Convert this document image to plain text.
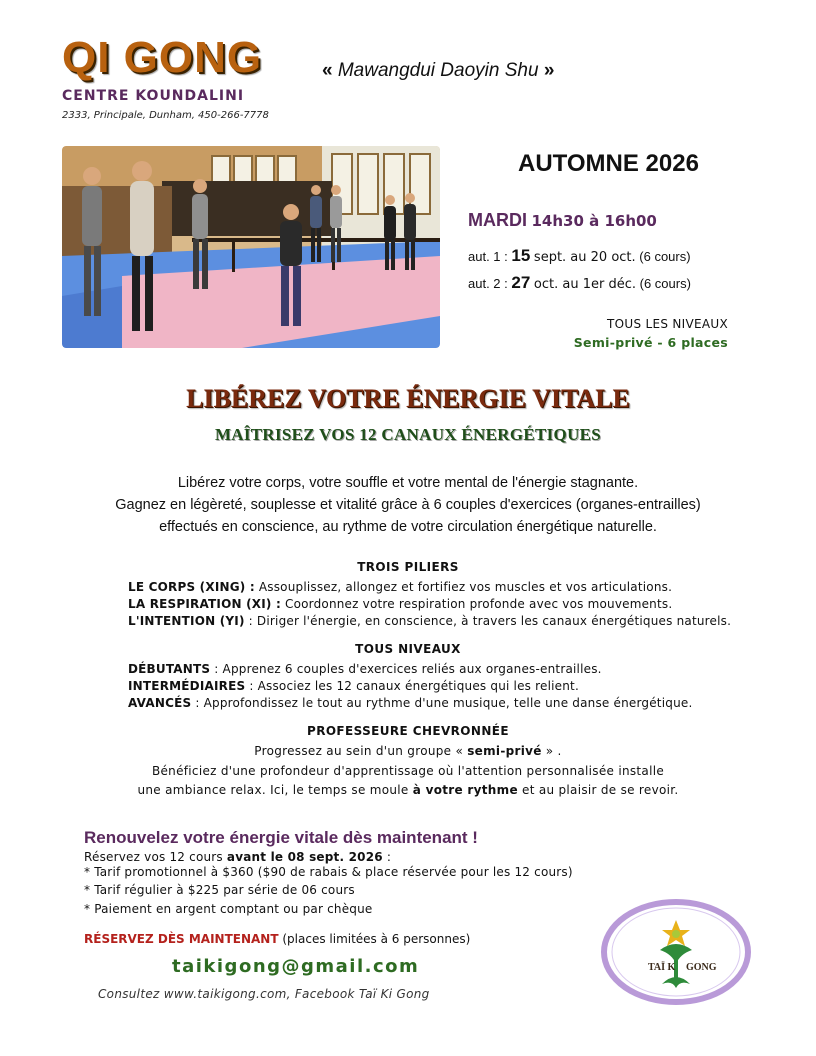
QI GONG
CENTRE KOUNDALINI
2333, Principale, Dunham, 450-266-7778
« Mawangdui Daoyin Shu »
AUTOMNE 2026
MARDI 14h30 à 16h00
aut. 1 : 15 sept. au 20 oct. (6 cours)
aut. 2 : 27 oct. au 1er déc. (6 cours)
TOUS LES NIVEAUX
Semi-privé - 6 places
LIBÉREZ VOTRE ÉNERGIE VITALE
MAÎTRISEZ VOS 12 CANAUX ÉNERGÉTIQUES
Libérez votre corps, votre souffle et votre mental de l'énergie stagnante.
Gagnez en légèreté, souplesse et vitalité grâce à 6 couples d'exercices (organes-entrailles)
effectués en conscience, au rythme de votre circulation énergétique naturelle.
TROIS PILIERS
LE CORPS (XING) : Assouplissez, allongez et fortifiez vos muscles et vos articulations.
LA RESPIRATION (XI) : Coordonnez votre respiration profonde avec vos mouvements.
L'INTENTION (YI) : Diriger l'énergie, en conscience, à travers les canaux énergétiques naturels.
TOUS NIVEAUX
DÉBUTANTS : Apprenez 6 couples d'exercices reliés aux organes-entrailles.
INTERMÉDIAIRES : Associez les 12 canaux énergétiques qui les relient.
AVANCÉS : Approfondissez le tout au rythme d'une musique, telle une danse énergétique.
PROFESSEURE CHEVRONNÉE
Progressez au sein d'un groupe « semi-privé » .
Bénéficiez d'une profondeur d'apprentissage où l'attention personnalisée installe
une ambiance relax. Ici, le temps se moule à votre rythme et au plaisir de se revoir.
Renouvelez votre énergie vitale dès maintenant !
Réservez vos 12 cours avant le 08 sept. 2026 :
* Tarif promotionnel à $360 ($90 de rabais & place réservée pour les 12 cours)
* Tarif régulier à $225 par série de 06 cours
* Paiement en argent comptant ou par chèque
RÉSERVEZ DÈS MAINTENANT (places limitées à 6 personnes)
taikigong@gmail.com
Consultez www.taikigong.com, Facebook Taï Ki Gong
TAÏ K GONG
